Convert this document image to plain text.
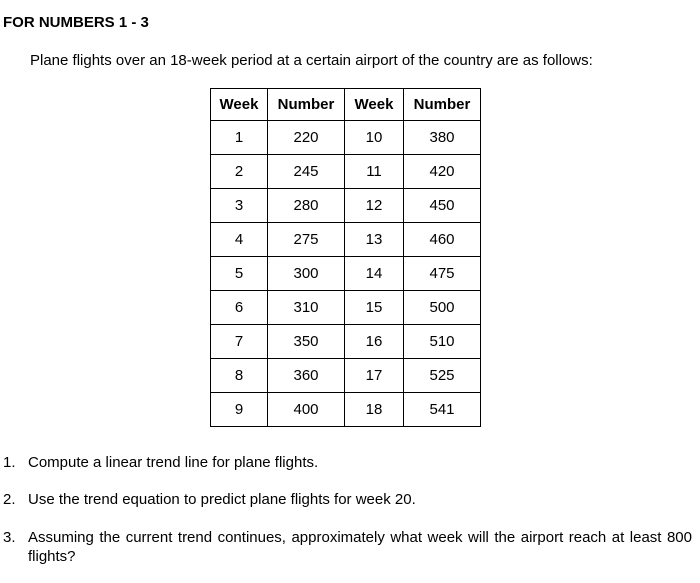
FOR NUMBERS 1 - 3

Plane flights over an 18-week period at a certain airport of the country are as follows:

Week	Number	Week	Number
1	220	10	380
2	245	11	420
3	280	12	450
4	275	13	460
5	300	14	475
6	310	15	500
7	350	16	510
8	360	17	525
9	400	18	541
1. Compute a linear trend line for plane flights.
2. Use the trend equation to predict plane flights for week 20.
3. Assuming the current trend continues, approximately what week will the airport reach at least 800 flights?
